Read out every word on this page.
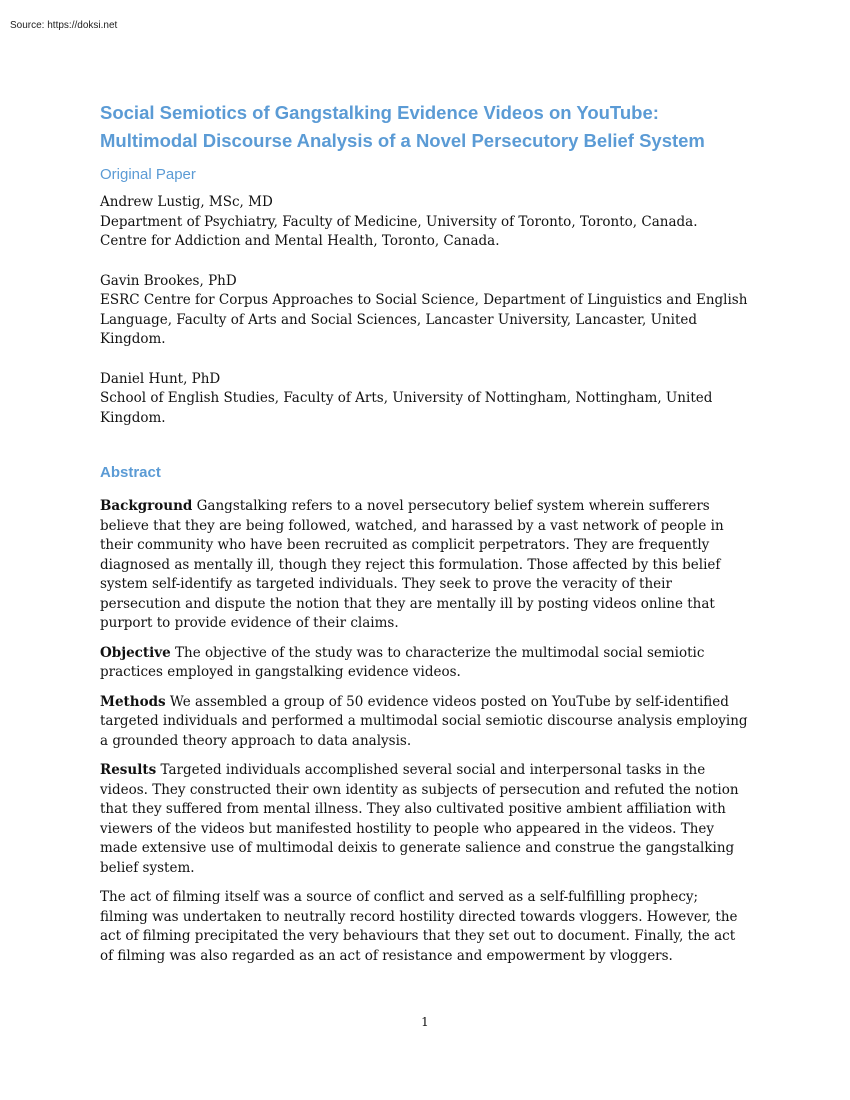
Source: https://doksi.net
Social Semiotics of Gangstalking Evidence Videos on YouTube:
Multimodal Discourse Analysis of a Novel Persecutory Belief System
Original Paper
Andrew Lustig, MSc, MD
Department of Psychiatry, Faculty of Medicine, University of Toronto, Toronto, Canada.
Centre for Addiction and Mental Health, Toronto, Canada.
Gavin Brookes, PhD
ESRC Centre for Corpus Approaches to Social Science, Department of Linguistics and English Language, Faculty of Arts and Social Sciences, Lancaster University, Lancaster, United Kingdom.
Daniel Hunt, PhD
School of English Studies, Faculty of Arts, University of Nottingham, Nottingham, United Kingdom.
Abstract

Background Gangstalking refers to a novel persecutory belief system wherein sufferers believe that they are being followed, watched, and harassed by a vast network of people in their community who have been recruited as complicit perpetrators. They are frequently diagnosed as mentally ill, though they reject this formulation. Those affected by this belief system self-identify as targeted individuals. They seek to prove the veracity of their persecution and dispute the notion that they are mentally ill by posting videos online that purport to provide evidence of their claims.

Objective The objective of the study was to characterize the multimodal social semiotic practices employed in gangstalking evidence videos.

Methods We assembled a group of 50 evidence videos posted on YouTube by self-identified targeted individuals and performed a multimodal social semiotic discourse analysis employing a grounded theory approach to data analysis.

Results Targeted individuals accomplished several social and interpersonal tasks in the videos. They constructed their own identity as subjects of persecution and refuted the notion that they suffered from mental illness. They also cultivated positive ambient affiliation with viewers of the videos but manifested hostility to people who appeared in the videos. They made extensive use of multimodal deixis to generate salience and construe the gangstalking belief system.

The act of filming itself was a source of conflict and served as a self-fulfilling prophecy; filming was undertaken to neutrally record hostility directed towards vloggers. However, the act of filming precipitated the very behaviours that they set out to document. Finally, the act of filming was also regarded as an act of resistance and empowerment by vloggers.

1
